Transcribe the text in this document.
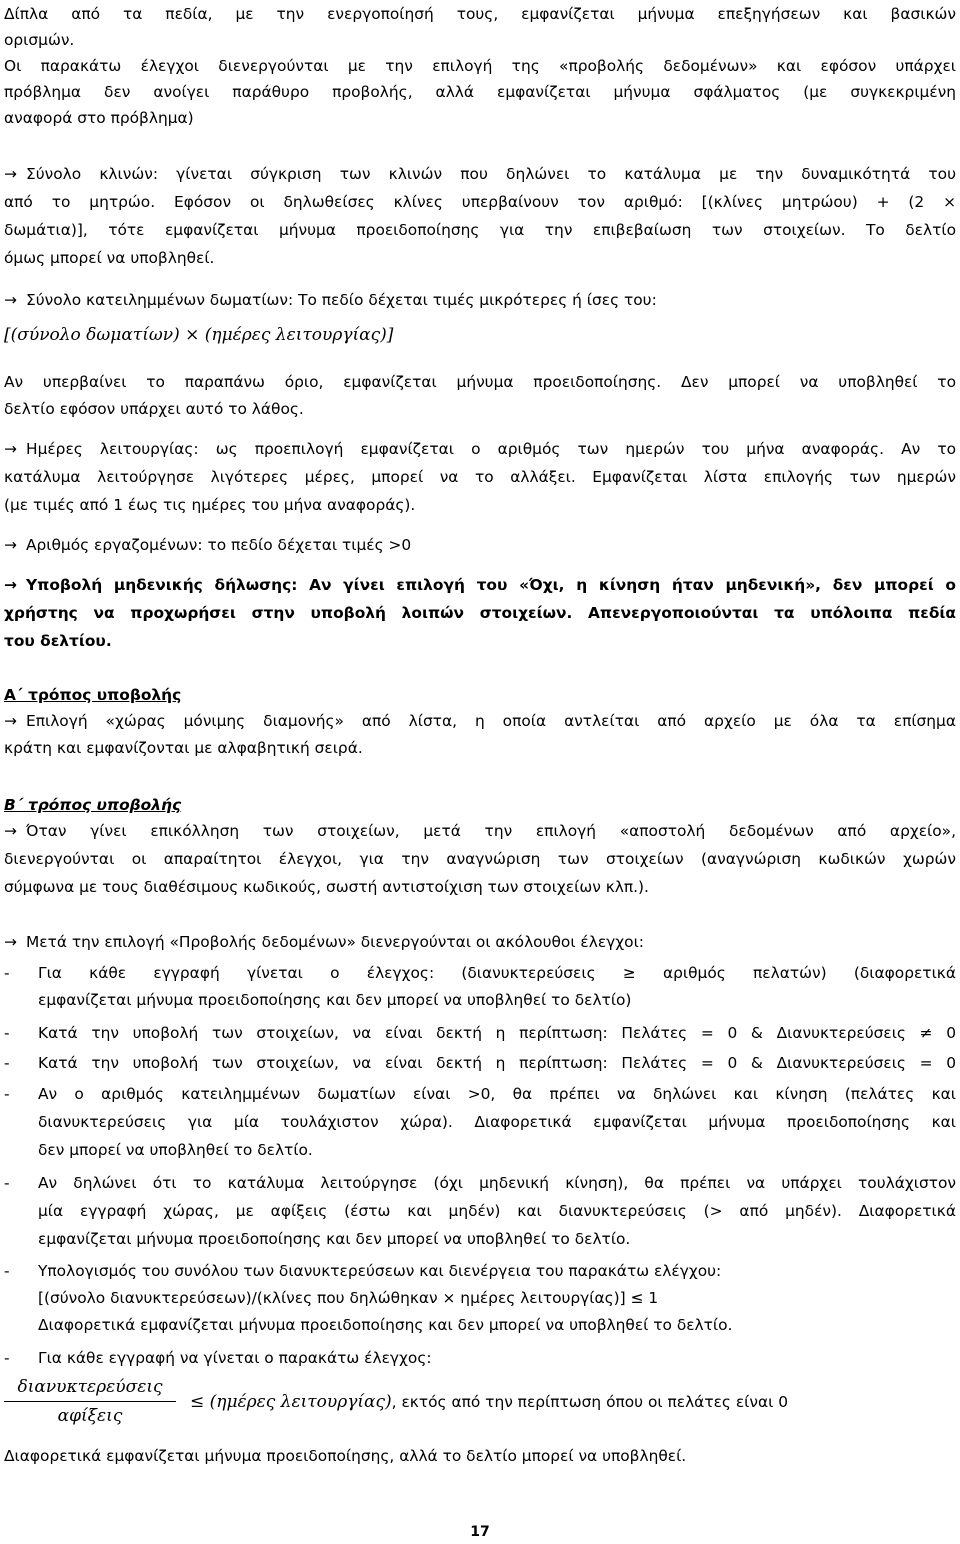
Δίπλα από τα πεδία, με την ενεργοποίησή τους, εμφανίζεται μήνυμα επεξηγήσεων και βασικών
ορισμών.
Οι παρακάτω έλεγχοι διενεργούνται με την επιλογή της «προβολής δεδομένων» και εφόσον υπάρχει
πρόβλημα δεν ανοίγει παράθυρο προβολής, αλλά εμφανίζεται μήνυμα σφάλματος (με συγκεκριμένη
αναφορά στο πρόβλημα)
→ Σύνολο κλινών: γίνεται σύγκριση των κλινών που δηλώνει το κατάλυμα με την δυναμικότητά του
από το μητρώο. Εφόσον οι δηλωθείσες κλίνες υπερβαίνουν τον αριθμό: [(κλίνες μητρώου) + (2 ×
δωμάτια)], τότε εμφανίζεται μήνυμα προειδοποίησης για την επιβεβαίωση των στοιχείων. Το δελτίο
όμως μπορεί να υποβληθεί.
→ Σύνολο κατειλημμένων δωματίων: Το πεδίο δέχεται τιμές μικρότερες ή ίσες του:
[(σύνολο δωματίων) × (ημέρες λειτουργίας)]
Αν υπερβαίνει το παραπάνω όριο, εμφανίζεται μήνυμα προειδοποίησης. Δεν μπορεί να υποβληθεί το
δελτίο εφόσον υπάρχει αυτό το λάθος.
→ Ημέρες λειτουργίας: ως προεπιλογή εμφανίζεται ο αριθμός των ημερών του μήνα αναφοράς. Αν το
κατάλυμα λειτούργησε λιγότερες μέρες, μπορεί να το αλλάξει. Εμφανίζεται λίστα επιλογής των ημερών
(με τιμές από 1 έως τις ημέρες του μήνα αναφοράς).
→ Αριθμός εργαζομένων: το πεδίο δέχεται τιμές >0
→ Υποβολή μηδενικής δήλωσης: Αν γίνει επιλογή του «Όχι, η κίνηση ήταν μηδενική», δεν μπορεί ο
χρήστης να προχωρήσει στην υποβολή λοιπών στοιχείων. Απενεργοποιούνται τα υπόλοιπα πεδία
του δελτίου.
Α΄ τρόπος υποβολής
→ Επιλογή «χώρας μόνιμης διαμονής» από λίστα, η οποία αντλείται από αρχείο με όλα τα επίσημα
κράτη και εμφανίζονται με αλφαβητική σειρά.
Β΄ τρόπος υποβολής
→ Όταν γίνει επικόλληση των στοιχείων, μετά την επιλογή «αποστολή δεδομένων από αρχείο»,
διενεργούνται οι απαραίτητοι έλεγχοι, για την αναγνώριση των στοιχείων (αναγνώριση κωδικών χωρών
σύμφωνα με τους διαθέσιμους κωδικούς, σωστή αντιστοίχιση των στοιχείων κλπ.).
→ Μετά την επιλογή «Προβολής δεδομένων» διενεργούνται οι ακόλουθοι έλεγχοι:
- Για κάθε εγγραφή γίνεται ο έλεγχος: (διανυκτερεύσεις ≥ αριθμός πελατών) (διαφορετικά
εμφανίζεται μήνυμα προειδοποίησης και δεν μπορεί να υποβληθεί το δελτίο)
- Κατά την υποβολή των στοιχείων, να είναι δεκτή η περίπτωση: Πελάτες = 0 & Διανυκτερεύσεις ≠ 0
- Κατά την υποβολή των στοιχείων, να είναι δεκτή η περίπτωση: Πελάτες = 0 & Διανυκτερεύσεις = 0
- Αν ο αριθμός κατειλημμένων δωματίων είναι >0, θα πρέπει να δηλώνει και κίνηση (πελάτες και
διανυκτερεύσεις για μία τουλάχιστον χώρα). Διαφορετικά εμφανίζεται μήνυμα προειδοποίησης και
δεν μπορεί να υποβληθεί το δελτίο.
- Αν δηλώνει ότι το κατάλυμα λειτούργησε (όχι μηδενική κίνηση), θα πρέπει να υπάρχει τουλάχιστον
μία εγγραφή χώρας, με αφίξεις (έστω και μηδέν) και διανυκτερεύσεις (> από μηδέν). Διαφορετικά
εμφανίζεται μήνυμα προειδοποίησης και δεν μπορεί να υποβληθεί το δελτίο.
- Υπολογισμός του συνόλου των διανυκτερεύσεων και διενέργεια του παρακάτω ελέγχου:
[(σύνολο διανυκτερεύσεων)/(κλίνες που δηλώθηκαν × ημέρες λειτουργίας)] ≤ 1
Διαφορετικά εμφανίζεται μήνυμα προειδοποίησης και δεν μπορεί να υποβληθεί το δελτίο.
- Για κάθε εγγραφή να γίνεται ο παρακάτω έλεγχος:
διανυκτερεύσεις
αφίξεις
≤ (ημέρες λειτουργίας), εκτός από την περίπτωση όπου οι πελάτες είναι 0
Διαφορετικά εμφανίζεται μήνυμα προειδοποίησης, αλλά το δελτίο μπορεί να υποβληθεί.
17
